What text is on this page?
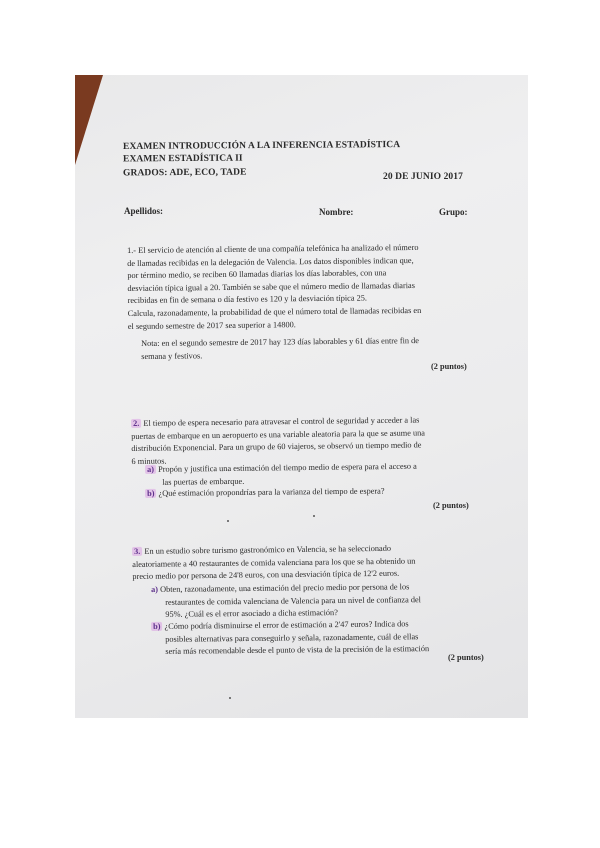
EXAMEN INTRODUCCIÓN A LA INFERENCIA ESTADÍSTICA
EXAMEN ESTADÍSTICA II
GRADOS: ADE, ECO, TADE	20 DE JUNIO 2017
Apellidos:	Nombre:	Grupo:
1.- El servicio de atención al cliente de una compañía telefónica ha analizado el número
de llamadas recibidas en la delegación de Valencia. Los datos disponibles indican que,
por término medio, se reciben 60 llamadas diarias los días laborables, con una
desviación típica igual a 20. También se sabe que el número medio de llamadas diarias
recibidas en fin de semana o día festivo es 120 y la desviación típica 25.
Calcula, razonadamente, la probabilidad de que el número total de llamadas recibidas en
el segundo semestre de 2017 sea superior a 14800.
Nota: en el segundo semestre de 2017 hay 123 días laborables y 61 días entre fin de
semana y festivos.
(2 puntos)
2. El tiempo de espera necesario para atravesar el control de seguridad y acceder a las
puertas de embarque en un aeropuerto es una variable aleatoria para la que se asume una
distribución Exponencial. Para un grupo de 60 viajeros, se observó un tiempo medio de
6 minutos.
a) Propón y justifica una estimación del tiempo medio de espera para el acceso a
las puertas de embarque.
b) ¿Qué estimación propondrías para la varianza del tiempo de espera?
(2 puntos)
3. En un estudio sobre turismo gastronómico en Valencia, se ha seleccionado
aleatoriamente a 40 restaurantes de comida valenciana para los que se ha obtenido un
precio medio por persona de 24'8 euros, con una desviación típica de 12'2 euros.
a) Obten, razonadamente, una estimación del precio medio por persona de los
restaurantes de comida valenciana de Valencia para un nivel de confianza del
95%. ¿Cuál es el error asociado a dicha estimación?
b) ¿Cómo podría disminuirse el error de estimación a 2'47 euros? Indica dos
posibles alternativas para conseguirlo y señala, razonadamente, cuál de ellas
sería más recomendable desde el punto de vista de la precisión de la estimación
(2 puntos)
